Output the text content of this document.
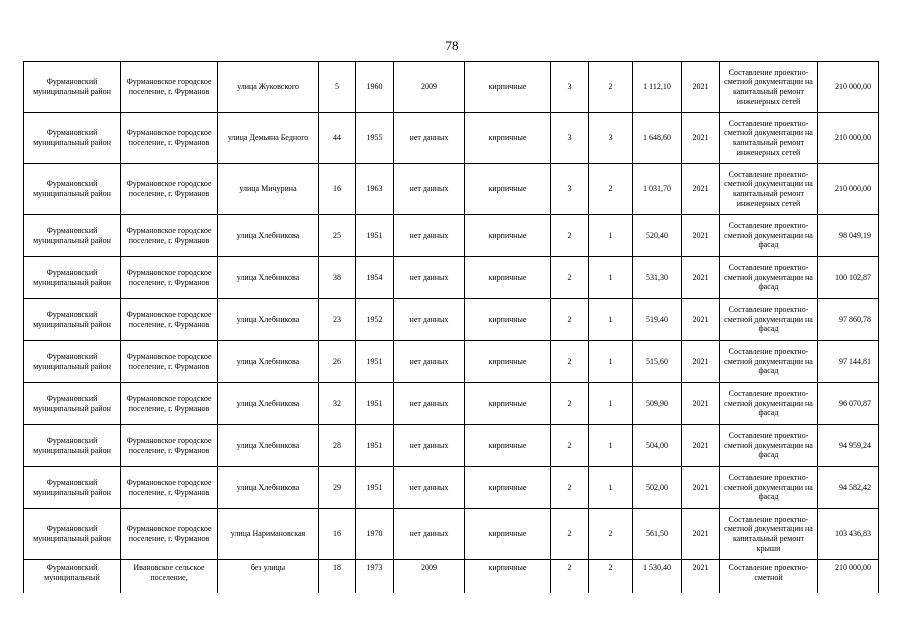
78
Фурмановский муниципальный район	Фурмановское городское поселение, г. Фурманов	улица Жуковского	5	1960	2009	кирпичные	3	2	1 112,10	2021	Составление проектно-сметной документации на капитальный ремонт инженерных сетей	210 000,00
Фурмановский муниципальный район	Фурмановское городское поселение, г. Фурманов	улица Демьяна Бедного	44	1955	нет данных	кирпичные	3	3	1 648,60	2021	Составление проектно-сметной документации на капитальный ремонт инженерных сетей	210 000,00
Фурмановский муниципальный район	Фурмановское городское поселение, г. Фурманов	улица Мичурина	16	1963	нет данных	кирпичные	3	2	1 031,70	2021	Составление проектно-сметной документации на капитальный ремонт инженерных сетей	210 000,00
Фурмановский муниципальный район	Фурмановское городское поселение, г. Фурманов	улица Хлебникова	25	1951	нет данных	кирпичные	2	1	520,40	2021	Составление проектно-сметной документации на фасад	98 049,19
Фурмановский муниципальный район	Фурмановское городское поселение, г. Фурманов	улица Хлебникова	38	1954	нет данных	кирпичные	2	1	531,30	2021	Составление проектно-сметной документации на фасад	100 102,87
Фурмановский муниципальный район	Фурмановское городское поселение, г. Фурманов	улица Хлебникова	23	1952	нет данных	кирпичные	2	1	519,40	2021	Составление проектно-сметной документации на фасад	97 860,78
Фурмановский муниципальный район	Фурмановское городское поселение, г. Фурманов	улица Хлебникова	26	1951	нет данных	кирпичные	2	1	515,60	2021	Составление проектно-сметной документации на фасад	97 144,81
Фурмановский муниципальный район	Фурмановское городское поселение, г. Фурманов	улица Хлебникова	32	1951	нет данных	кирпичные	2	1	509,90	2021	Составление проектно-сметной документации на фасад	96 070,87
Фурмановский муниципальный район	Фурмановское городское поселение, г. Фурманов	улица Хлебникова	28	1951	нет данных	кирпичные	2	1	504,00	2021	Составление проектно-сметной документации на фасад	94 959,24
Фурмановский муниципальный район	Фурмановское городское поселение, г. Фурманов	улица Хлебникова	29	1951	нет данных	кирпичные	2	1	502,00	2021	Составление проектно-сметной документации на фасад	94 582,42
Фурмановский муниципальный район	Фурмановское городское поселение, г. Фурманов	улица Наримановская	16	1970	нет данных	кирпичные	2	2	561,50	2021	Составление проектно-сметной документации на капитальный ремонт крыши	103 436,83
Фурмановский муниципальный	Ивановское сельское поселение,	без улицы	18	1973	2009	кирпичные	2	2	1 530,40	2021	Составление проектно-сметной	210 000,00
